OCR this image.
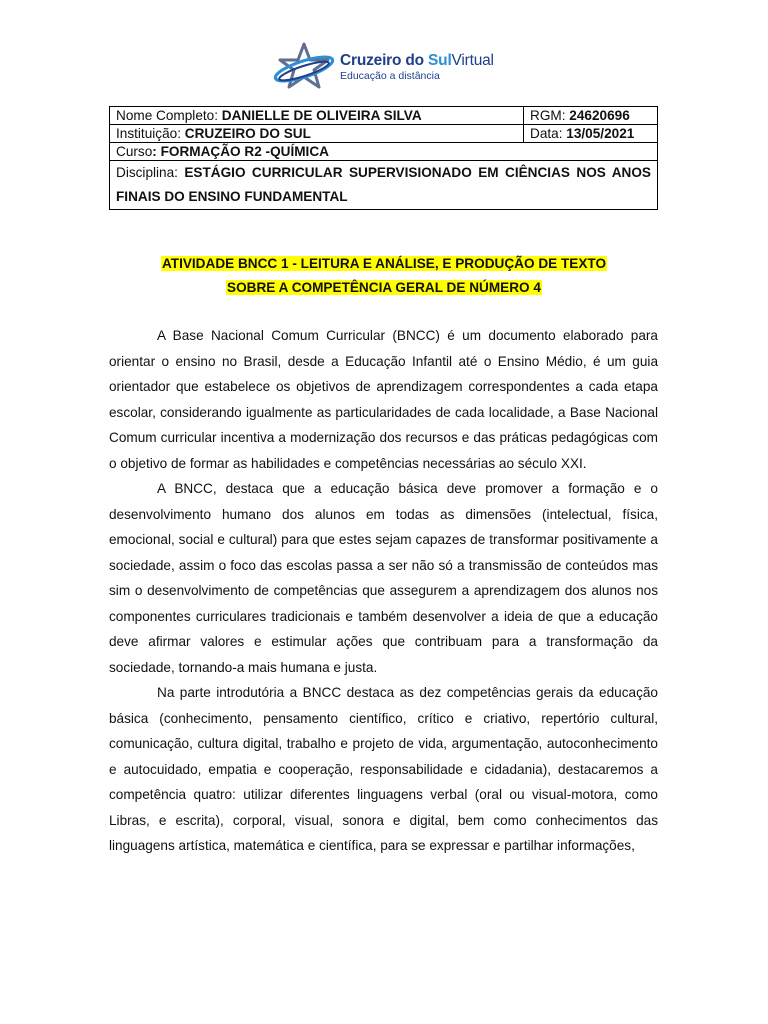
Cruzeiro do SulVirtual
Educação a distância
Nome Completo: DANIELLE DE OLIVEIRA SILVA	RGM: 24620696
Instituição: CRUZEIRO DO SUL	Data: 13/05/2021
Curso: FORMAÇÃO R2 -QUÍMICA	
Disciplina: ESTÁGIO CURRICULAR SUPERVISIONADO EM CIÊNCIAS NOS ANOS FINAIS DO ENSINO FUNDAMENTAL	
ATIVIDADE BNCC 1 - LEITURA E ANÁLISE, E PRODUÇÃO DE TEXTO
SOBRE A COMPETÊNCIA GERAL DE NÚMERO 4

A Base Nacional Comum Curricular (BNCC) é um documento elaborado para orientar o ensino no Brasil, desde a Educação Infantil até o Ensino Médio, é um guia orientador que estabelece os objetivos de aprendizagem correspondentes a cada etapa escolar, considerando igualmente as particularidades de cada localidade, a Base Nacional Comum curricular incentiva a modernização dos recursos e das práticas pedagógicas com o objetivo de formar as habilidades e competências necessárias ao século XXI.

A BNCC, destaca que a educação básica deve promover a formação e o desenvolvimento humano dos alunos em todas as dimensões (intelectual, física, emocional, social e cultural) para que estes sejam capazes de transformar positivamente a sociedade, assim o foco das escolas passa a ser não só a transmissão de conteúdos mas sim o desenvolvimento de competências que assegurem a aprendizagem dos alunos nos componentes curriculares tradicionais e também desenvolver a ideia de que a educação deve afirmar valores e estimular ações que contribuam para a transformação da sociedade, tornando-a mais humana e justa.

Na parte introdutória a BNCC destaca as dez competências gerais da educação básica (conhecimento, pensamento científico, crítico e criativo, repertório cultural, comunicação, cultura digital, trabalho e projeto de vida, argumentação, autoconhecimento e autocuidado, empatia e cooperação, responsabilidade e cidadania), destacaremos a competência quatro: utilizar diferentes linguagens verbal (oral ou visual-motora, como Libras, e escrita), corporal, visual, sonora e digital, bem como conhecimentos das linguagens artística, matemática e científica, para se expressar e partilhar informações,
